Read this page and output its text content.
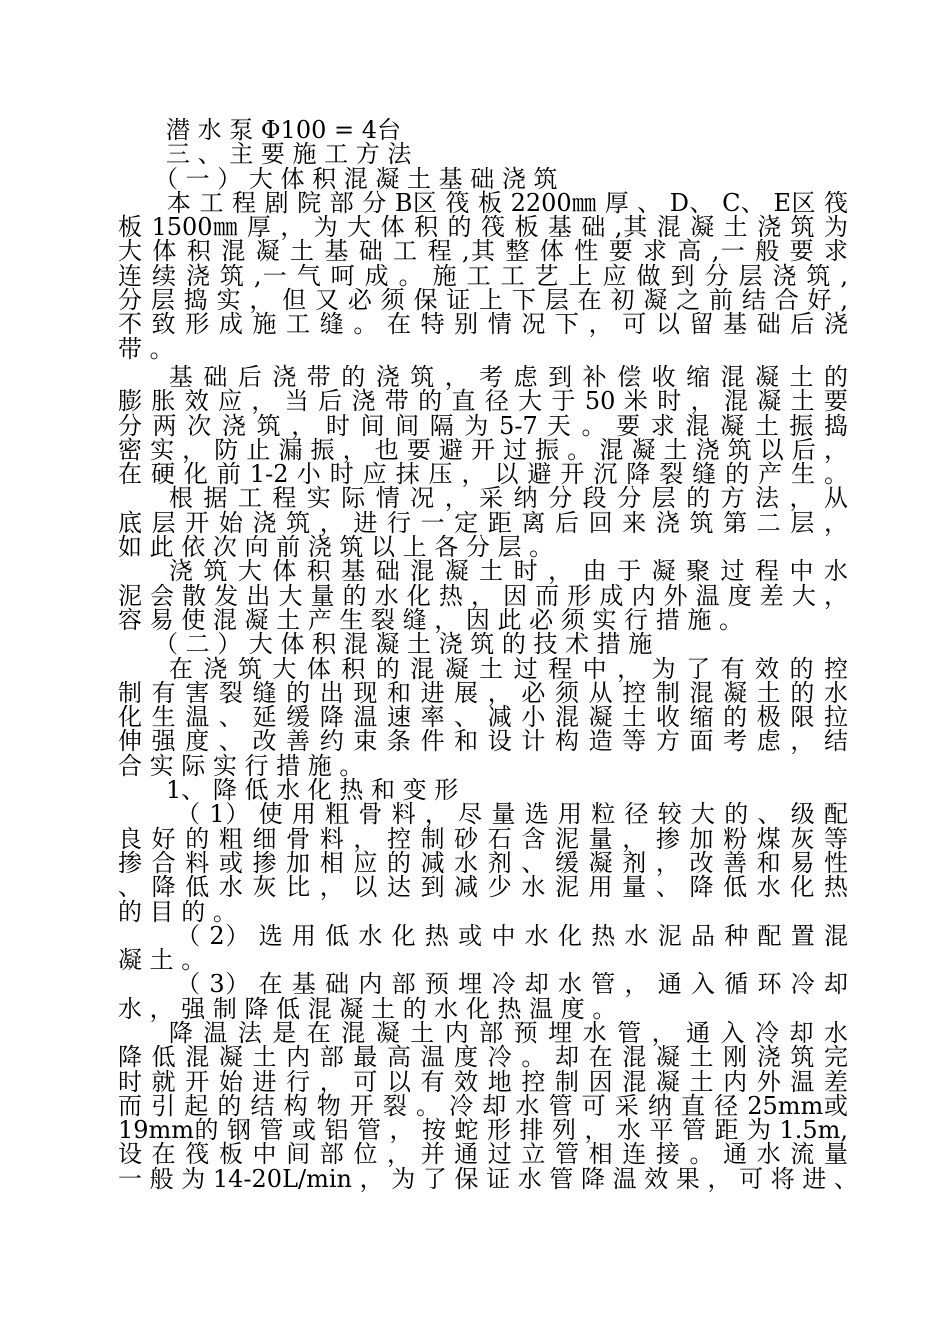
　　潜 水 泵 Φ100 = 4台
　　三 、 主 要 施 工 方 法
　　（ 一 ） 大 体 积 混 凝 土 基 础 浇 筑
　　本 工 程 剧 院 部 分 B区 筏 板 2200㎜ 厚 、 D、 C、 E区 筏
板 1500㎜ 厚 ， 为 大 体 积 的 筏 板 基 础 ,其 混 凝 土 浇 筑 为
大 体 积 混 凝 土 基 础 工 程 ,其 整 体 性 要 求 高 ,一 般 要 求
连 续 浇 筑 ,一 气 呵 成 。 施 工 工 艺 上 应 做 到 分 层 浇 筑 ,
分 层 捣 实 ， 但 又 必 须 保 证 上 下 层 在 初 凝 之 前 结 合 好 ,
不 致 形 成 施 工 缝 。 在 特 别 情 况 下 ， 可 以 留 基 础 后 浇
带 。
　　基 础 后 浇 带 的 浇 筑 ， 考 虑 到 补 偿 收 缩 混 凝 土 的
膨 胀 效 应 ， 当 后 浇 带 的 直 径 大 于 50 米 时 ， 混 凝 土 要
分 两 次 浇 筑 ， 时 间 间 隔 为 5-7 天 。 要 求 混 凝 土 振 捣
密 实 ， 防 止 漏 振 ， 也 要 避 开 过 振 。 混 凝 土 浇 筑 以 后 ，
在 硬 化 前 1-2 小 时 应 抹 压 ， 以 避 开 沉 降 裂 缝 的 产 生 。
　　根 据 工 程 实 际 情 况 ， 采 纳 分 段 分 层 的 方 法 ， 从
底 层 开 始 浇 筑 ， 进 行 一 定 距 离 后 回 来 浇 筑 第 二 层 ，
如 此 依 次 向 前 浇 筑 以 上 各 分 层 。
　　浇 筑 大 体 积 基 础 混 凝 土 时 ， 由 于 凝 聚 过 程 中 水
泥 会 散 发 出 大 量 的 水 化 热 ， 因 而 形 成 内 外 温 度 差 大 ，
容 易 使 混 凝 土 产 生 裂 缝 ， 因 此 必 须 实 行 措 施 。
　　（ 二 ） 大 体 积 混 凝 土 浇 筑 的 技 术 措 施
　　在 浇 筑 大 体 积 的 混 凝 土 过 程 中 ， 为 了 有 效 的 控
制 有 害 裂 缝 的 出 现 和 进 展 ， 必 须 从 控 制 混 凝 土 的 水
化 生 温 、 延 缓 降 温 速 率 、 减 小 混 凝 土 收 缩 的 极 限 拉
伸 强 度 、 改 善 约 束 条 件 和 设 计 构 造 等 方 面 考 虑 ， 结
合 实 际 实 行 措 施 。
　　1、 降 低 水 化 热 和 变 形
　　 （ 1） 使 用 粗 骨 料 ， 尽 量 选 用 粒 径 较 大 的 、 级 配
良 好 的 粗 细 骨 料 ， 控 制 砂 石 含 泥 量 ， 掺 加 粉 煤 灰 等
掺 合 料 或 掺 加 相 应 的 减 水 剂 、 缓 凝 剂 ， 改 善 和 易 性
、 降 低 水 灰 比 ， 以 达 到 减 少 水 泥 用 量 、 降 低 水 化 热
的 目 的 。
　　 （ 2） 选 用 低 水 化 热 或 中 水 化 热 水 泥 品 种 配 置 混
凝 土 。
　　 （ 3） 在 基 础 内 部 预 埋 冷 却 水 管 ， 通 入 循 环 冷 却
水 ， 强 制 降 低 混 凝 土 的 水 化 热 温 度 。
　　降 温 法 是 在 混 凝 土 内 部 预 埋 水 管 ， 通 入 冷 却 水
降 低 混 凝 土 内 部 最 高 温 度 冷 。 却 在 混 凝 土 刚 浇 筑 完
时 就 开 始 进 行 ， 可 以 有 效 地 控 制 因 混 凝 土 内 外 温 差
而 引 起 的 结 构 物 开 裂 。 冷 却 水 管 可 采 纳 直 径 25mm或
19mm的 钢 管 或 铝 管 ， 按 蛇 形 排 列 ， 水 平 管 距 为 1.5m,
设 在 筏 板 中 间 部 位 ， 并 通 过 立 管 相 连 接 。 通 水 流 量
一 般 为 14-20L/min ， 为 了 保 证 水 管 降 温 效 果 ， 可 将 进 、
